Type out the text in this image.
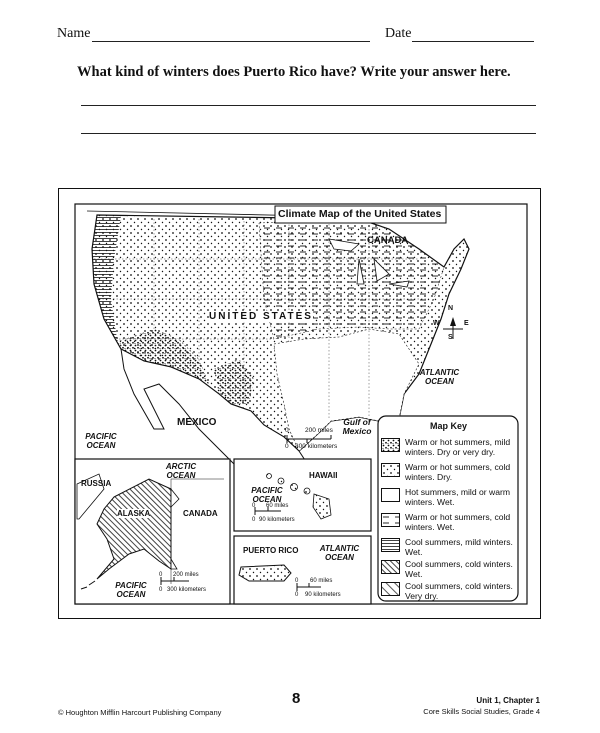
Name	Date
What kind of winters does Puerto Rico have? Write your answer here.
Climate Map of the United States
CANADA
UNITED STATES
MEXICO
PACIFIC OCEAN
ATLANTIC OCEAN
Gulf of Mexico
N
S
E
W
0	200 miles
0 300 kilometers
ARCTIC OCEAN
RUSSIA
ALASKA	CANADA
PACIFIC OCEAN
0 200 miles
0 300 kilometers
HAWAII
PACIFIC OCEAN
0 60 miles
0 90 kilometers
PUERTO RICO	ATLANTIC OCEAN
0 60 miles
0 90 kilometers
Map Key
Warm or hot summers, mild winters. Dry or very dry.
Warm or hot summers, cold winters. Dry.
Hot summers, mild or warm winters. Wet.
Warm or hot summers, cold winters. Wet.
Cool summers, mild winters. Wet.
Cool summers, cold winters. Wet.
Cool summers, cold winters. Very dry.
8
© Houghton Mifflin Harcourt Publishing Company
Unit 1, Chapter 1
Core Skills Social Studies, Grade 4
